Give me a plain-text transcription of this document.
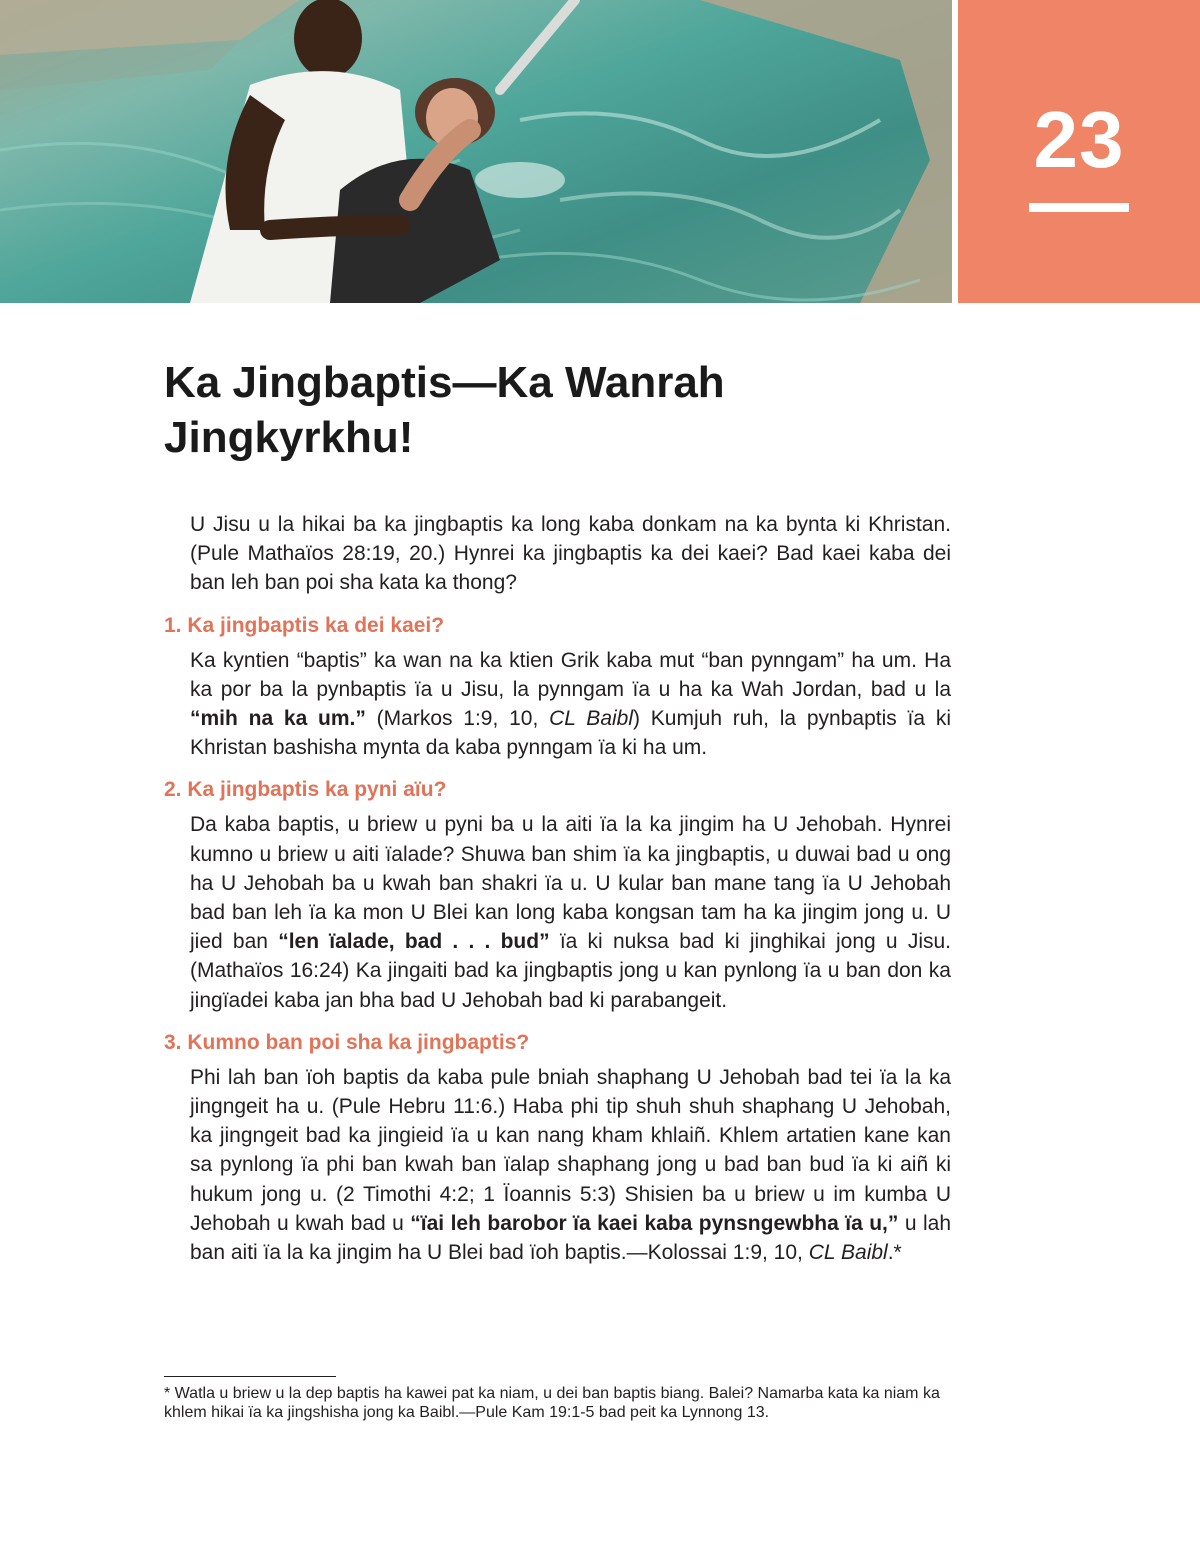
23
Ka Jingbaptis—Ka Wanrah Jingkyrkhu!

U Jisu u la hikai ba ka jingbaptis ka long kaba donkam na ka bynta ki Khristan. (Pule Mathaïos 28:19, 20.) Hynrei ka jingbaptis ka dei kaei? Bad kaei kaba dei ban leh ban poi sha kata ka thong?

1. Ka jingbaptis ka dei kaei?

Ka kyntien “baptis” ka wan na ka ktien Grik kaba mut “ban pynngam” ha um. Ha ka por ba la pynbaptis ïa u Jisu, la pynngam ïa u ha ka Wah Jordan, bad u la “mih na ka um.” (Markos 1:9, 10, CL Baibl) Kumjuh ruh, la pynbaptis ïa ki Khristan bashisha mynta da kaba pynngam ïa ki ha um.

2. Ka jingbaptis ka pyni aïu?

Da kaba baptis, u briew u pyni ba u la aiti ïa la ka jingim ha U Jehobah. Hynrei kumno u briew u aiti ïalade? Shuwa ban shim ïa ka jingbaptis, u duwai bad u ong ha U Jehobah ba u kwah ban shakri ïa u. U kular ban mane tang ïa U Jehobah bad ban leh ïa ka mon U Blei kan long kaba kongsan tam ha ka jingim jong u. U jied ban “len ïalade, bad . . . bud” ïa ki nuksa bad ki jinghikai jong u Jisu. (Mathaïos 16:24) Ka jingaiti bad ka jingbaptis jong u kan pynlong ïa u ban don ka jingïadei kaba jan bha bad U Jehobah bad ki parabangeit.

3. Kumno ban poi sha ka jingbaptis?

Phi lah ban ïoh baptis da kaba pule bniah shaphang U Jehobah bad tei ïa la ka jingngeit ha u. (Pule Hebru 11:6.) Haba phi tip shuh shuh shaphang U Jehobah, ka jingngeit bad ka jingieid ïa u kan nang kham khlaiñ. Khlem artatien kane kan sa pynlong ïa phi ban kwah ban ïalap shaphang jong u bad ban bud ïa ki aiñ ki hukum jong u. (2 Timothi 4:2; 1 Ïoannis 5:3) Shisien ba u briew u im kumba U Jehobah u kwah bad u “ïai leh barobor ïa kaei kaba pynsngewbha ïa u,” u lah ban aiti ïa la ka jingim ha U Blei bad ïoh baptis.—Kolossai 1:9, 10, CL Baibl.*

* Watla u briew u la dep baptis ha kawei pat ka niam, u dei ban baptis biang. Balei? Namarba kata ka niam ka khlem hikai ïa ka jingshisha jong ka Baibl.—Pule Kam 19:1-5 bad peit ka Lynnong 13.
